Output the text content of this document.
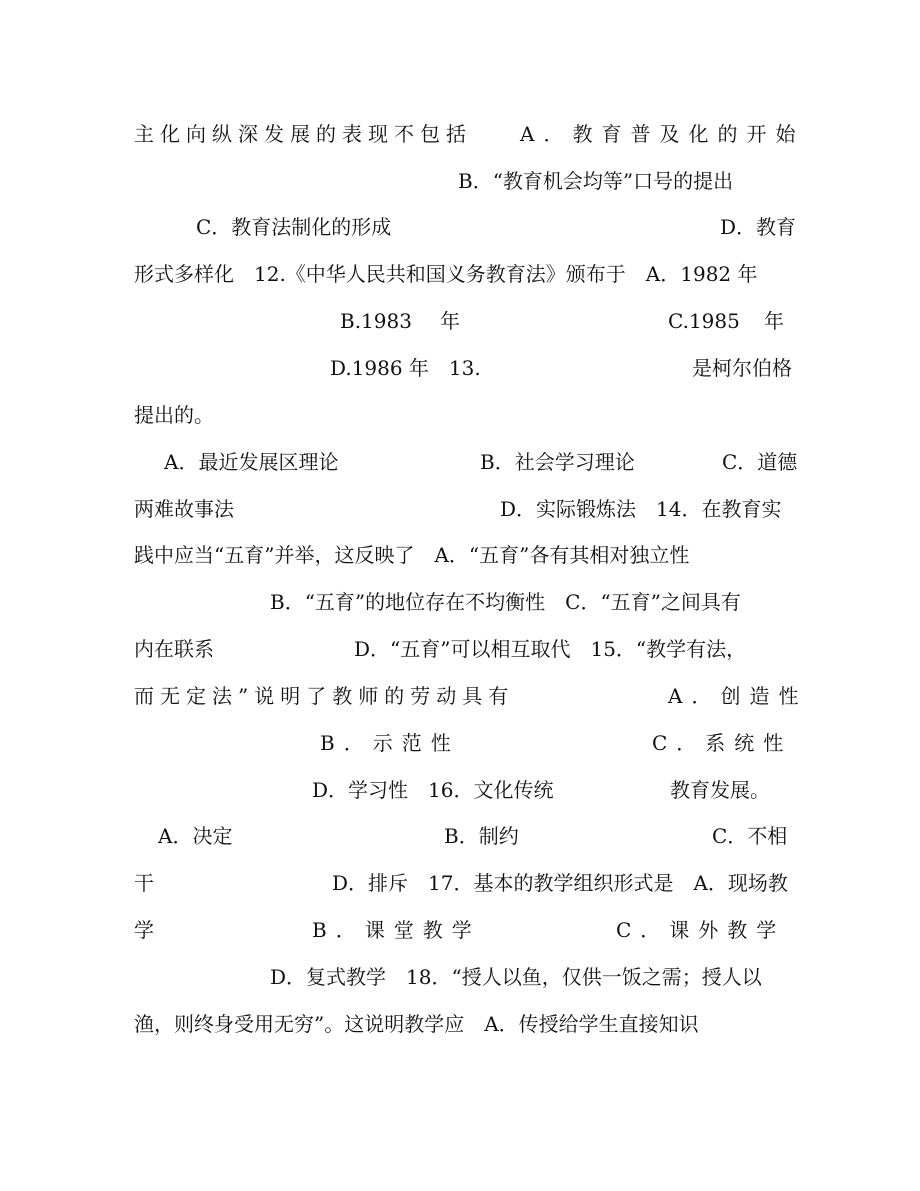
主化向纵深发展的表现不包括 A．教育普及化的开始
B．“教育机会均等”口号的提出
C．教育法制化的形成	D．教育
形式多样化　12.《中华人民共和国义务教育法》颁布于　A．1982 年
B.1983 年	C.1985 年
D.1986 年　13.	是柯尔伯格
提出的。
A．最近发展区理论	B．社会学习理论	C．道德
两难故事法	D．实际锻炼法　14．在教育实
践中应当“五育”并举，这反映了　A．“五育”各有其相对独立性
B．“五育”的地位存在不均衡性　C．“五育”之间具有
内在联系	D．“五育”可以相互取代　15．“教学有法，
而无定法”说明了教师的劳动具有	A．创造性
B．示范性	C．系统性
D．学习性　16．文化传统	教育发展。
A．决定	B．制约	C．不相
干	D．排斥　17．基本的教学组织形式是　A．现场教
学	B．课堂教学	C．课外教学
D．复式教学　18．“授人以鱼，仅供一饭之需；授人以
渔，则终身受用无穷”。这说明教学应　A．传授给学生直接知识
